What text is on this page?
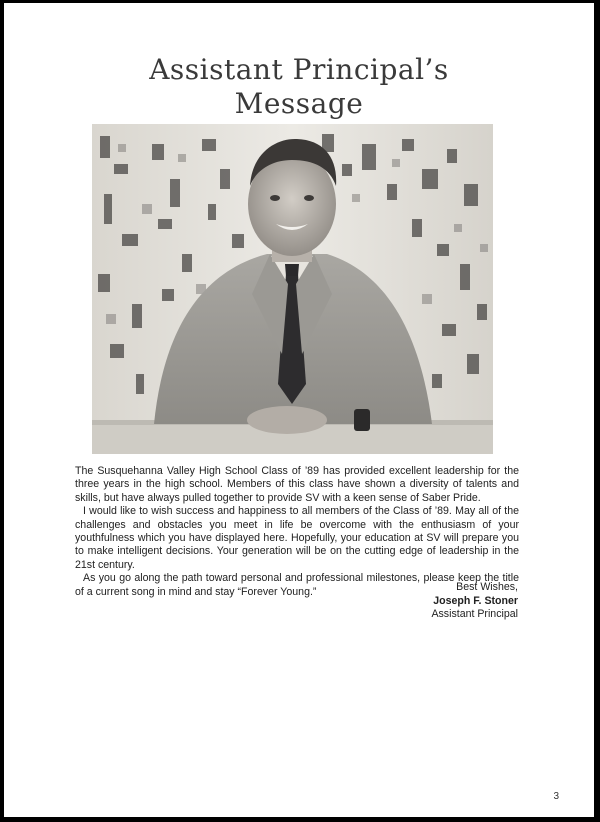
Assistant Principal’s
Message

The Susquehanna Valley High School Class of ’89 has provided excellent leadership for the three years in the high school. Members of this class have shown a diversity of talents and skills, but have always pulled together to provide SV with a keen sense of Saber Pride.

I would like to wish success and happiness to all members of the Class of ’89. May all of the challenges and obstacles you meet in life be overcome with the enthusiasm of your youthfulness which you have displayed here. Hopefully, your education at SV will prepare you to make intelligent decisions. Your generation will be on the cutting edge of leadership in the 21st century.

As you go along the path toward personal and professional milestones, please keep the title of a current song in mind and stay “Forever Young.”	Best Wishes,
Joseph F. Stoner
Assistant Principal
3
